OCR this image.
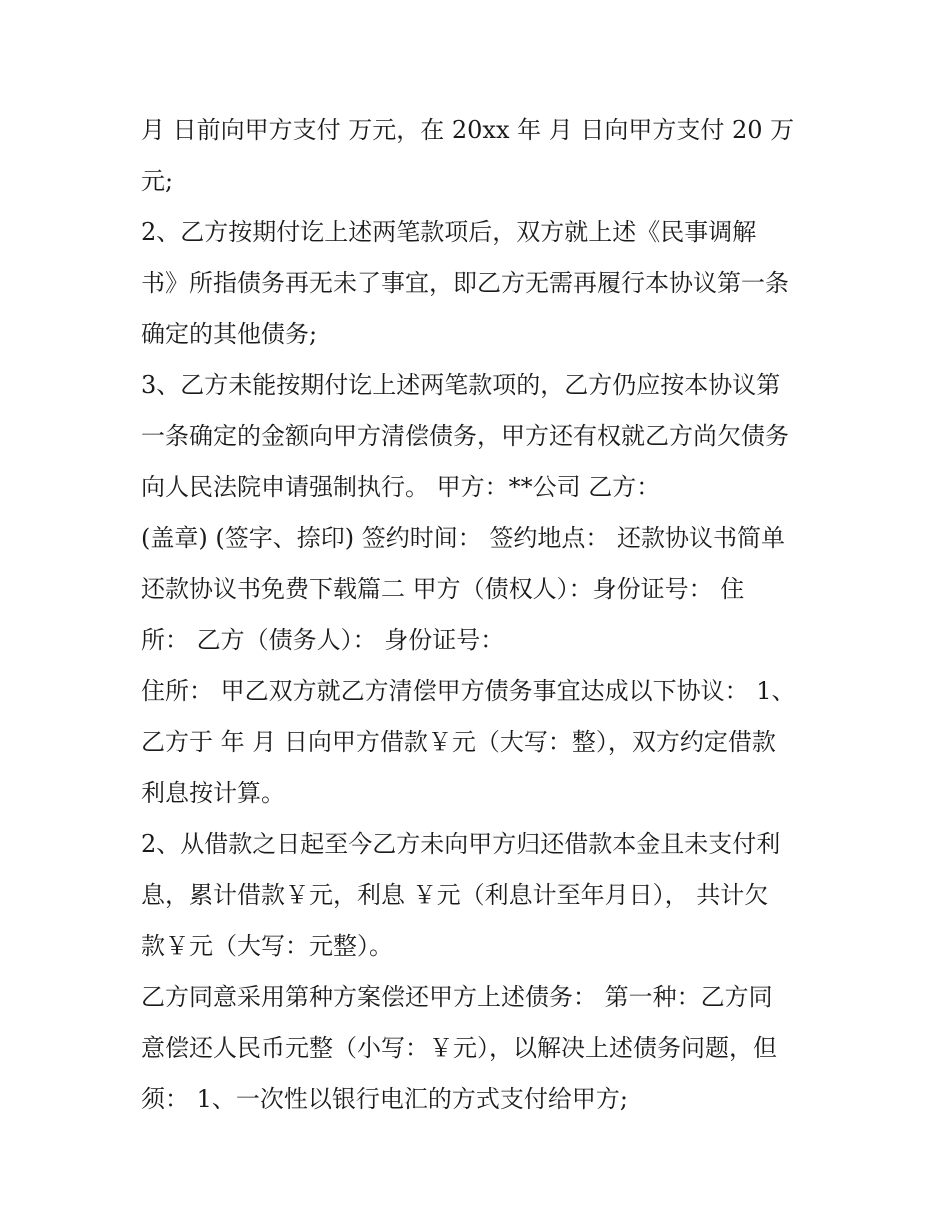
月 日前向甲方支付 万元，在 20xx 年 月 日向甲方支付 20 万
元;
2、乙方按期付讫上述两笔款项后，双方就上述《民事调解
书》所指债务再无未了事宜，即乙方无需再履行本协议第一条
确定的其他债务;
3、乙方未能按期付讫上述两笔款项的，乙方仍应按本协议第
一条确定的金额向甲方清偿债务，甲方还有权就乙方尚欠债务
向人民法院申请强制执行。 甲方：**公司 乙方：
(盖章) (签字、捺印) 签约时间： 签约地点： 还款协议书简单
还款协议书免费下载篇二 甲方（债权人）：身份证号： 住
所： 乙方（债务人）： 身份证号：
住所： 甲乙双方就乙方清偿甲方债务事宜达成以下协议： 1、
乙方于 年 月 日向甲方借款￥元（大写：整），双方约定借款
利息按计算。
2、从借款之日起至今乙方未向甲方归还借款本金且未支付利
息，累计借款￥元，利息 ￥元（利息计至年月日）， 共计欠
款￥元（大写：元整）。
乙方同意采用第种方案偿还甲方上述债务： 第一种：乙方同
意偿还人民币元整（小写：￥元），以解决上述债务问题，但
须： 1、一次性以银行电汇的方式支付给甲方;
